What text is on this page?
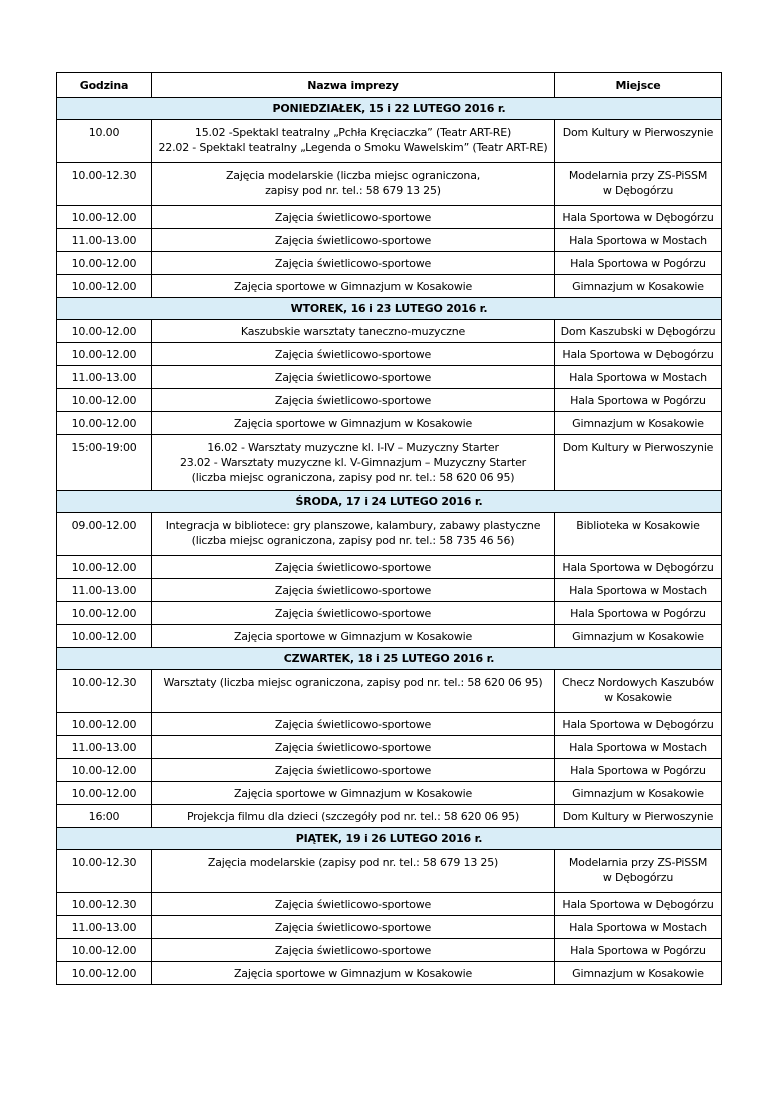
Godzina	Nazwa imprezy	Miejsce
PONIEDZIAŁEK, 15 i 22 LUTEGO 2016 r.		
10.00	15.02 -Spektakl teatralny „Pchła Kręciaczka” (Teatr ART-RE)
22.02 - Spektakl teatralny „Legenda o Smoku Wawelskim” (Teatr ART-RE)	Dom Kultury w Pierwoszynie

10.00-12.30	Zajęcia modelarskie (liczba miejsc ograniczona,
zapisy pod nr. tel.: 58 679 13 25)	Modelarnia przy ZS-PiSSM
w Dębogórzu

10.00-12.00	Zajęcia świetlicowo-sportowe	Hala Sportowa w Dębogórzu

11.00-13.00	Zajęcia świetlicowo-sportowe	Hala Sportowa w Mostach

10.00-12.00	Zajęcia świetlicowo-sportowe	Hala Sportowa w Pogórzu

10.00-12.00	Zajęcia sportowe w Gimnazjum w Kosakowie	Gimnazjum w Kosakowie

WTOREK, 16 i 23 LUTEGO 2016 r.		
10.00-12.00	Kaszubskie warsztaty taneczno-muzyczne	Dom Kaszubski w Dębogórzu

10.00-12.00	Zajęcia świetlicowo-sportowe	Hala Sportowa w Dębogórzu

11.00-13.00	Zajęcia świetlicowo-sportowe	Hala Sportowa w Mostach

10.00-12.00	Zajęcia świetlicowo-sportowe	Hala Sportowa w Pogórzu

10.00-12.00	Zajęcia sportowe w Gimnazjum w Kosakowie	Gimnazjum w Kosakowie

15:00-19:00	16.02 - Warsztaty muzyczne kl. I-IV – Muzyczny Starter
23.02 - Warsztaty muzyczne kl. V-Gimnazjum – Muzyczny Starter
(liczba miejsc ograniczona, zapisy pod nr. tel.: 58 620 06 95)	Dom Kultury w Pierwoszynie

ŚRODA, 17 i 24 LUTEGO 2016 r.		
09.00-12.00	Integracja w bibliotece: gry planszowe, kalambury, zabawy plastyczne
(liczba miejsc ograniczona, zapisy pod nr. tel.: 58 735 46 56)	Biblioteka w Kosakowie

10.00-12.00	Zajęcia świetlicowo-sportowe	Hala Sportowa w Dębogórzu

11.00-13.00	Zajęcia świetlicowo-sportowe	Hala Sportowa w Mostach

10.00-12.00	Zajęcia świetlicowo-sportowe	Hala Sportowa w Pogórzu

10.00-12.00	Zajęcia sportowe w Gimnazjum w Kosakowie	Gimnazjum w Kosakowie

CZWARTEK, 18 i 25 LUTEGO 2016 r.		
10.00-12.30	Warsztaty (liczba miejsc ograniczona, zapisy pod nr. tel.: 58 620 06 95)	Checz Nordowych Kaszubów
w Kosakowie

10.00-12.00	Zajęcia świetlicowo-sportowe	Hala Sportowa w Dębogórzu

11.00-13.00	Zajęcia świetlicowo-sportowe	Hala Sportowa w Mostach

10.00-12.00	Zajęcia świetlicowo-sportowe	Hala Sportowa w Pogórzu

10.00-12.00	Zajęcia sportowe w Gimnazjum w Kosakowie	Gimnazjum w Kosakowie

16:00	Projekcja filmu dla dzieci (szczegóły pod nr. tel.: 58 620 06 95)	Dom Kultury w Pierwoszynie

PIĄTEK, 19 i 26 LUTEGO 2016 r.		
10.00-12.30	Zajęcia modelarskie (zapisy pod nr. tel.: 58 679 13 25)	Modelarnia przy ZS-PiSSM
w Dębogórzu

10.00-12.30	Zajęcia świetlicowo-sportowe	Hala Sportowa w Dębogórzu

11.00-13.00	Zajęcia świetlicowo-sportowe	Hala Sportowa w Mostach

10.00-12.00	Zajęcia świetlicowo-sportowe	Hala Sportowa w Pogórzu

10.00-12.00	Zajęcia sportowe w Gimnazjum w Kosakowie	Gimnazjum w Kosakowie
